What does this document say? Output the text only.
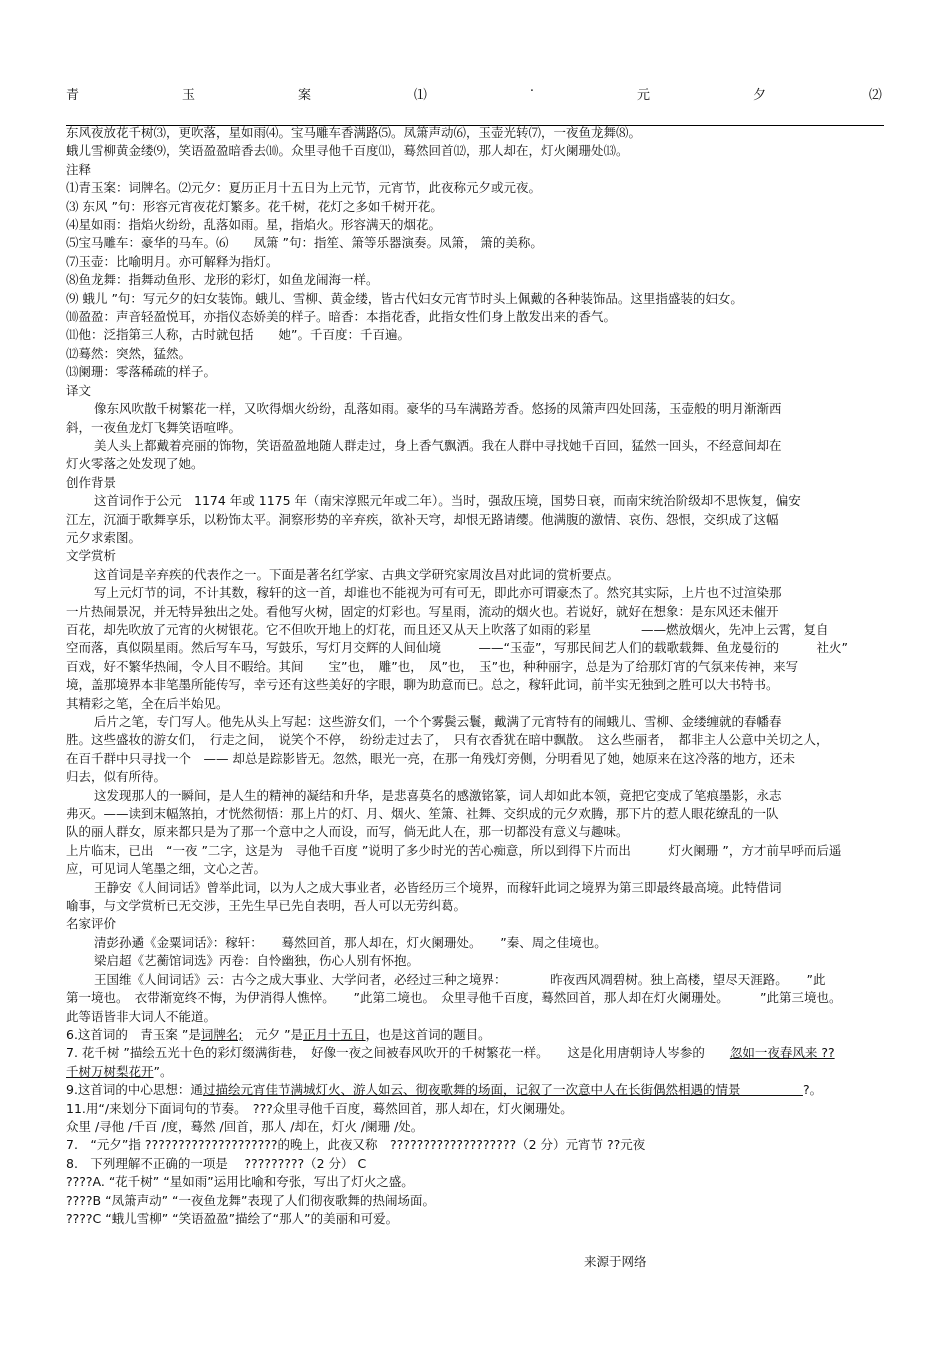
青	玉	案	⑴	·	元	夕	⑵
东风夜放花千树⑶，更吹落，星如雨⑷。宝马雕车香满路⑸。凤箫声动⑹，玉壶光转⑺，一夜鱼龙舞⑻。
蛾儿雪柳黄金缕⑼，笑语盈盈暗香去⑽。众里寻他千百度⑾，蓦然回首⑿，那人却在，灯火阑珊处⒀。
注释
⑴青玉案：词牌名。⑵元夕：夏历正月十五日为上元节，元宵节，此夜称元夕或元夜。
⑶ 东风 ”句：形容元宵夜花灯繁多。花千树，花灯之多如千树开花。
⑷星如雨：指焰火纷纷，乱落如雨。星，指焰火。形容满天的烟花。
⑸宝马雕车：豪华的马车。⑹　　凤箫 ”句：指笙、箫等乐器演奏。凤箫， 箫的美称。
⑺玉壶：比喻明月。亦可解释为指灯。
⑻鱼龙舞：指舞动鱼形、龙形的彩灯，如鱼龙闹海一样。
⑼ 蛾儿 ”句：写元夕的妇女装饰。蛾儿、雪柳、黄金缕，皆古代妇女元宵节时头上佩戴的各种装饰品。这里指盛装的妇女。
⑽盈盈：声音轻盈悦耳，亦指仪态娇美的样子。暗香：本指花香，此指女性们身上散发出来的香气。
⑾他：泛指第三人称，古时就包括　　她”。千百度：千百遍。
⑿蓦然：突然，猛然。
⒀阑珊：零落稀疏的样子。
译文
像东风吹散千树繁花一样，又吹得烟火纷纷，乱落如雨。豪华的马车满路芳香。悠扬的凤箫声四处回荡，玉壶般的明月渐渐西
斜，一夜鱼龙灯飞舞笑语喧哗。
美人头上都戴着亮丽的饰物，笑语盈盈地随人群走过，身上香气飘洒。我在人群中寻找她千百回，猛然一回头，不经意间却在
灯火零落之处发现了她。
创作背景
这首词作于公元　1174 年或 1175 年（南宋淳熙元年或二年）。当时，强敌压境，国势日衰，而南宋统治阶级却不思恢复，偏安
江左，沉湎于歌舞享乐，以粉饰太平。洞察形势的辛弃疾，欲补天穹，却恨无路请缨。他满腹的激情、哀伤、怨恨，交织成了这幅
元夕求索图。
文学赏析
这首词是辛弃疾的代表作之一。下面是著名红学家、古典文学研究家周汝昌对此词的赏析要点。
写上元灯节的词，不计其数，稼轩的这一首，却谁也不能视为可有可无，即此亦可谓豪杰了。然究其实际，上片也不过渲染那
一片热闹景况，并无特异独出之处。看他写火树，固定的灯彩也。写星雨，流动的烟火也。若说好，就好在想象：是东风还未催开
百花，却先吹放了元宵的火树银花。它不但吹开地上的灯花，而且还又从天上吹落了如雨的彩星　　　　——燃放烟火，先冲上云霄，复自
空而落，真似陨星雨。然后写车马，写鼓乐，写灯月交辉的人间仙境　　　——“玉壶”，写那民间艺人们的载歌载舞、鱼龙曼衍的　　　社火”
百戏，好不繁华热闹，令人目不暇给。其间　　宝”也，　雕”也，　凤”也，　玉”也，种种丽字，总是为了给那灯宵的气氛来传神，来写
境，盖那境界本非笔墨所能传写，幸亏还有这些美好的字眼，聊为助意而已。总之，稼轩此词，前半实无独到之胜可以大书特书。
其精彩之笔，全在后半始见。
后片之笔，专门写人。他先从头上写起：这些游女们，一个个雾鬓云鬟，戴满了元宵特有的闹蛾儿、雪柳、金缕缠就的春幡春
胜。这些盛妆的游女们，　行走之间，　说笑个不停，　纷纷走过去了，　只有衣香犹在暗中飘散。　这么些丽者，　都非主人公意中关切之人，
在百千群中只寻找一个　—— 却总是踪影皆无。忽然，眼光一亮，在那一角残灯旁侧，分明看见了她，她原来在这冷落的地方，还未
归去，似有所待。
这发现那人的一瞬间，是人生的精神的凝结和升华，是悲喜莫名的感激铭篆，词人却如此本领，竟把它变成了笔痕墨影，永志
弗灭。——读到末幅煞拍，才恍然彻悟：那上片的灯、月、烟火、笙箫、社舞、交织成的元夕欢腾，那下片的惹人眼花缭乱的一队
队的丽人群女，原来都只是为了那一个意中之人而设，而写，倘无此人在，那一切都没有意义与趣味。
上片临末，已出　“一夜 ”二字，这是为　寻他千百度 ”说明了多少时光的苦心痴意，所以到得下片而出　　　灯火阑珊 ”，方才前早呼而后遥
应，可见词人笔墨之细，文心之苦。
王静安《人间词话》曾举此词，以为人之成大事业者，必皆经历三个境界，而稼轩此词之境界为第三即最终最高境。此特借词
喻事，与文学赏析已无交涉，王先生早已先自表明，吾人可以无劳纠葛。
名家评价
清彭孙遹《金粟词话》：稼轩：　　蓦然回首，那人却在，灯火阑珊处。　　”秦、周之佳境也。
梁启超《艺蘅馆词选》丙卷：自怜幽独，伤心人别有怀抱。
王国维《人间词话》云：古今之成大事业、大学问者，必经过三种之境界：　　　　昨夜西风凋碧树。独上高楼，望尽天涯路。　　”此
第一境也。　衣带渐宽终不悔，为伊消得人憔悴。　　”此第二境也。　众里寻他千百度，蓦然回首，那人却在灯火阑珊处。　　　”此第三境也。
此等语皆非大词人不能道。
6.这首词的　青玉案 ”是词牌名;　元夕 ”是正月十五日，也是这首词的题目。
7. 花千树 ”描绘五光十色的彩灯缀满街巷，　好像一夜之间被春风吹开的千树繁花一样。　　这是化用唐朝诗人岑参的　　忽如一夜春风来 ??
千树万树梨花开”。
9.这首词的中心思想：通过描绘元宵佳节满城灯火、游人如云、彻夜歌舞的场面，记叙了一次意中人在长街偶然相遇的情景　　　　　?。
11.用“/来划分下面词句的节奏。　???众里寻他千百度，蓦然回首，那人却在，灯火阑珊处。
众里 /寻他 /千百 /度，蓦然 /回首，那人 /却在，灯火 /阑珊 /处。
7.　“元夕”指 ????????????????????的晚上，此夜又称　???????????????????（2 分）元宵节 ??元夜
8.　下列理解不正确的一项是　 ?????????（2 分） C
????A. “花千树” “星如雨”运用比喻和夸张，写出了灯火之盛。
????B “凤箫声动” “一夜鱼龙舞”表现了人们彻夜歌舞的热闹场面。
????C “蛾儿雪柳” “笑语盈盈”描绘了“那人”的美丽和可爱。
来源于网络
